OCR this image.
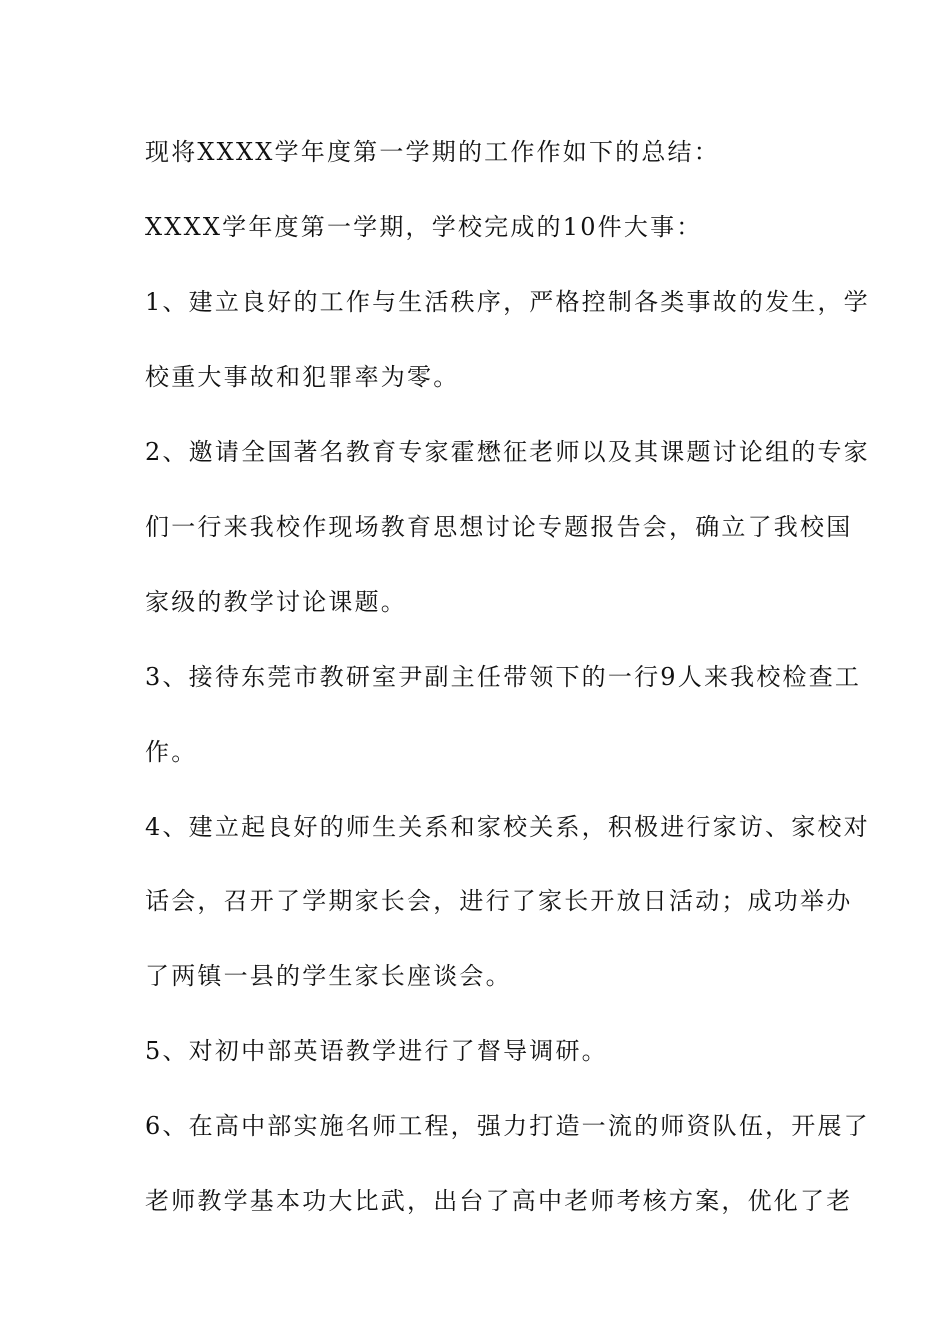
现将XXXX学年度第一学期的工作作如下的总结：
XXXX学年度第一学期，学校完成的10件大事：
1、建立良好的工作与生活秩序，严格控制各类事故的发生，学
校重大事故和犯罪率为零。
2、邀请全国著名教育专家霍懋征老师以及其课题讨论组的专家
们一行来我校作现场教育思想讨论专题报告会，确立了我校国
家级的教学讨论课题。
3、接待东莞市教研室尹副主任带领下的一行9人来我校检查工
作。
4、建立起良好的师生关系和家校关系，积极进行家访、家校对
话会，召开了学期家长会，进行了家长开放日活动；成功举办
了两镇一县的学生家长座谈会。
5、对初中部英语教学进行了督导调研。
6、在高中部实施名师工程，强力打造一流的师资队伍，开展了
老师教学基本功大比武，出台了高中老师考核方案，优化了老
